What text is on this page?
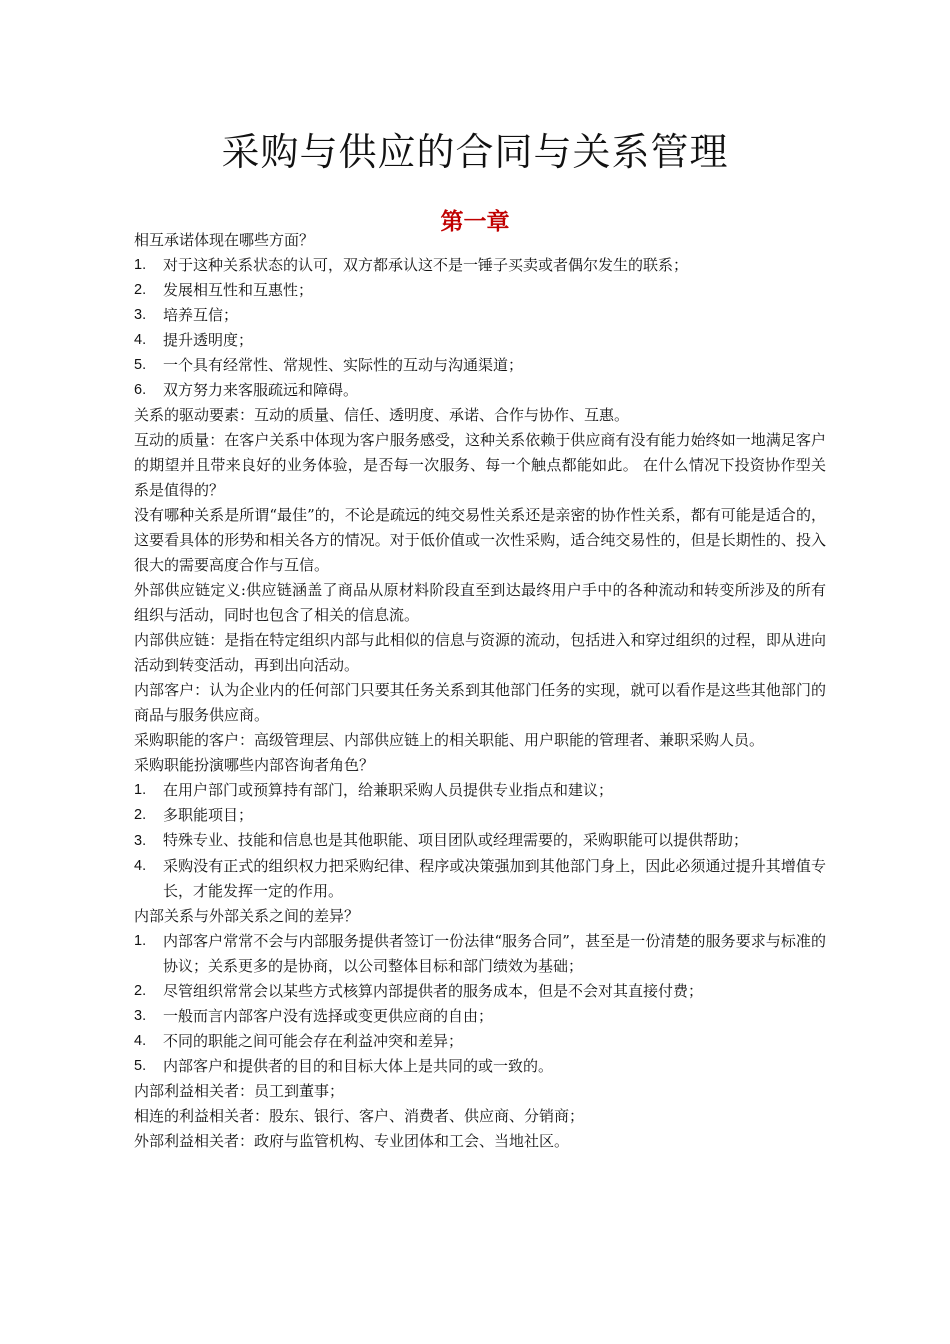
采购与供应的合同与关系管理
第一章

相互承诺体现在哪些方面？

1.	对于这种关系状态的认可，双方都承认这不是一锤子买卖或者偶尔发生的联系；
2.	发展相互性和互惠性；
3.	培养互信；
4.	提升透明度；
5.	一个具有经常性、常规性、实际性的互动与沟通渠道；
6.	双方努力来客服疏远和障碍。

关系的驱动要素：互动的质量、信任、透明度、承诺、合作与协作、互惠。

互动的质量：在客户关系中体现为客户服务感受，这种关系依赖于供应商有没有能力始终如一地满足客户的期望并且带来良好的业务体验，是否每一次服务、每一个触点都能如此。 在什么情况下投资协作型关系是值得的？

没有哪种关系是所谓“最佳”的，不论是疏远的纯交易性关系还是亲密的协作性关系，都有可能是适合的，这要看具体的形势和相关各方的情况。对于低价值或一次性采购，适合纯交易性的，但是长期性的、投入很大的需要高度合作与互信。

外部供应链定义:供应链涵盖了商品从原材料阶段直至到达最终用户手中的各种流动和转变所涉及的所有组织与活动，同时也包含了相关的信息流。

内部供应链：是指在特定组织内部与此相似的信息与资源的流动，包括进入和穿过组织的过程，即从进向活动到转变活动，再到出向活动。

内部客户：认为企业内的任何部门只要其任务关系到其他部门任务的实现，就可以看作是这些其他部门的商品与服务供应商。

采购职能的客户：高级管理层、内部供应链上的相关职能、用户职能的管理者、兼职采购人员。

采购职能扮演哪些内部咨询者角色？

1.	在用户部门或预算持有部门，给兼职采购人员提供专业指点和建议；
2.	多职能项目；
3. 特殊专业、技能和信息也是其他职能、项目团队或经理需要的，采购职能可以提供帮助；
4.	采购没有正式的组织权力把采购纪律、程序或决策强加到其他部门身上，因此必须通过提升其增值专长，才能发挥一定的作用。

内部关系与外部关系之间的差异？

1.	内部客户常常不会与内部服务提供者签订一份法律“服务合同”，甚至是一份清楚的服务要求与标准的协议；关系更多的是协商，以公司整体目标和部门绩效为基础；
2.	尽管组织常常会以某些方式核算内部提供者的服务成本，但是不会对其直接付费；
3.	一般而言内部客户没有选择或变更供应商的自由；
4.	不同的职能之间可能会存在利益冲突和差异；
5.	内部客户和提供者的目的和目标大体上是共同的或一致的。

内部利益相关者：员工到董事；

相连的利益相关者：股东、银行、客户、消费者、供应商、分销商；

外部利益相关者：政府与监管机构、专业团体和工会、当地社区。
